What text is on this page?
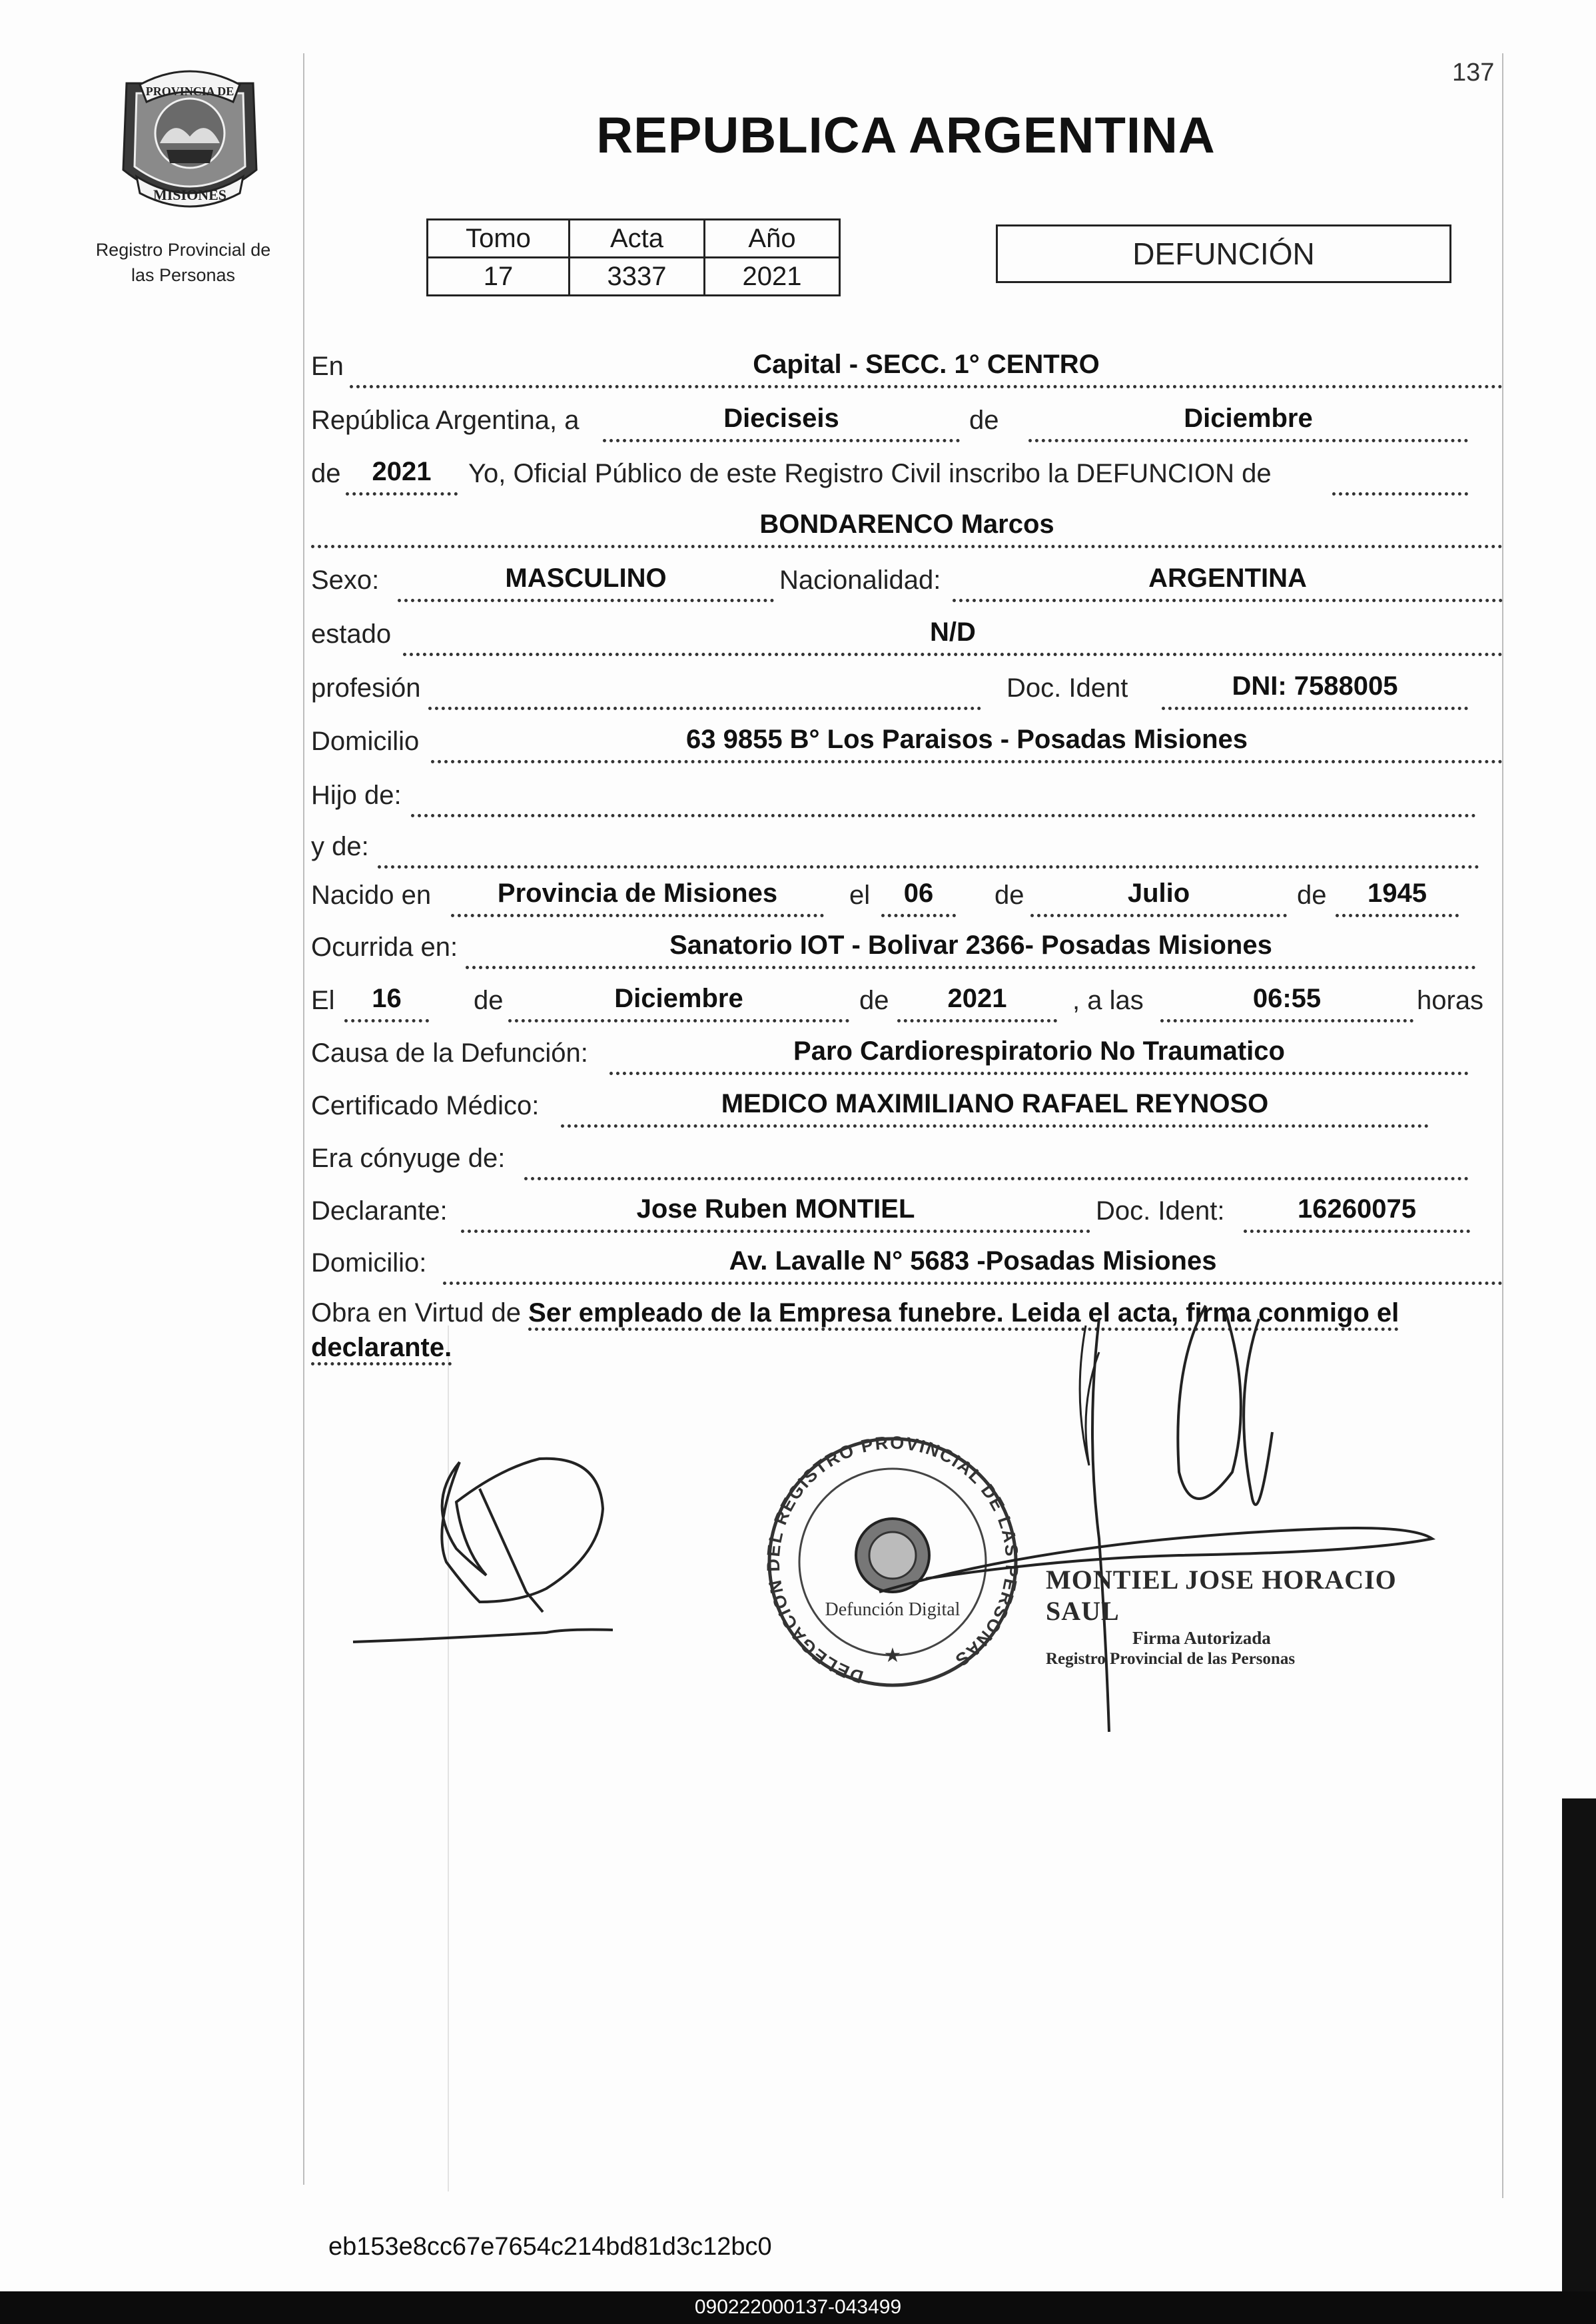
137
PROVINCIA DE
MISIONES
Registro Provincial de
las Personas
REPUBLICA ARGENTINA
Tomo	Acta	Año
17	3337	2021
DEFUNCIÓN
En	Capital - SECC. 1° CENTRO
República Argentina, a	Dieciseis	de	Diciembre
de	2021	Yo, Oficial Público de este Registro Civil inscribo la DEFUNCION de
BONDARENCO Marcos
Sexo:	MASCULINO	Nacionalidad:	ARGENTINA
estado	N/D
profesión	Doc. Ident	DNI: 7588005
Domicilio	63 9855 B° Los Paraisos - Posadas Misiones
Hijo de:
y de:
Nacido en	Provincia de Misiones	el	06	de	Julio	de	1945
Ocurrida en:	Sanatorio IOT - Bolivar 2366- Posadas Misiones
El	16	de	Diciembre	de	2021	, a las	06:55	horas
Causa de la Defunción:	Paro Cardiorespiratorio No Traumatico
Certificado Médico:	MEDICO MAXIMILIANO RAFAEL REYNOSO
Era cónyuge de:
Declarante:	Jose Ruben MONTIEL	Doc. Ident:	16260075
Domicilio:	Av. Lavalle N° 5683 -Posadas Misiones
Obra en Virtud de Ser empleado de la Empresa funebre. Leida el acta, firma conmigo el declarante.
DELEGACION DEL REGISTRO PROVINCIAL DE LAS PERSONAS
Defunción Digital
★
MONTIEL JOSE HORACIO SAUL
Firma Autorizada
Registro Provincial de las Personas
eb153e8cc67e7654c214bd81d3c12bc0
090222000137-043499
